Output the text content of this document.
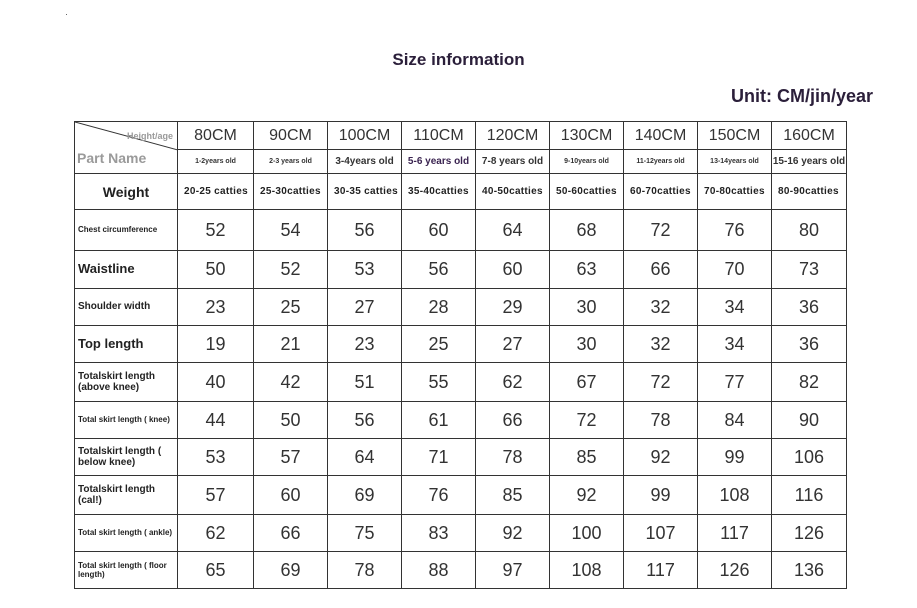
Size information
Unit: CM/jin/year
Height/age
Part Name	80CM	90CM	100CM	110CM	120CM	130CM	140CM	150CM	160CM
	1-2years old	2-3 years old	3-4years old	5-6 years old	7-8 years old	9-10years old	11-12years old	13-14years old	15-16 years old
Weight	20-25 catties	25-30catties	30-35 catties	35-40catties	40-50catties	50-60catties	60-70catties	70-80catties	80-90catties
Chest circumference	52	54	56	60	64	68	72	76	80
Waistline	50	52	53	56	60	63	66	70	73
Shoulder width	23	25	27	28	29	30	32	34	36
Top length	19	21	23	25	27	30	32	34	36
Totalskirt length (above knee)	40	42	51	55	62	67	72	77	82
Total skirt length ( knee)	44	50	56	61	66	72	78	84	90
Totalskirt length ( below knee)	53	57	64	71	78	85	92	99	106
Totalskirt length (cal!)	57	60	69	76	85	92	99	108	116
Total skirt length ( ankle)	62	66	75	83	92	100	107	117	126
Total skirt length ( floor length)	65	69	78	88	97	108	117	126	136
